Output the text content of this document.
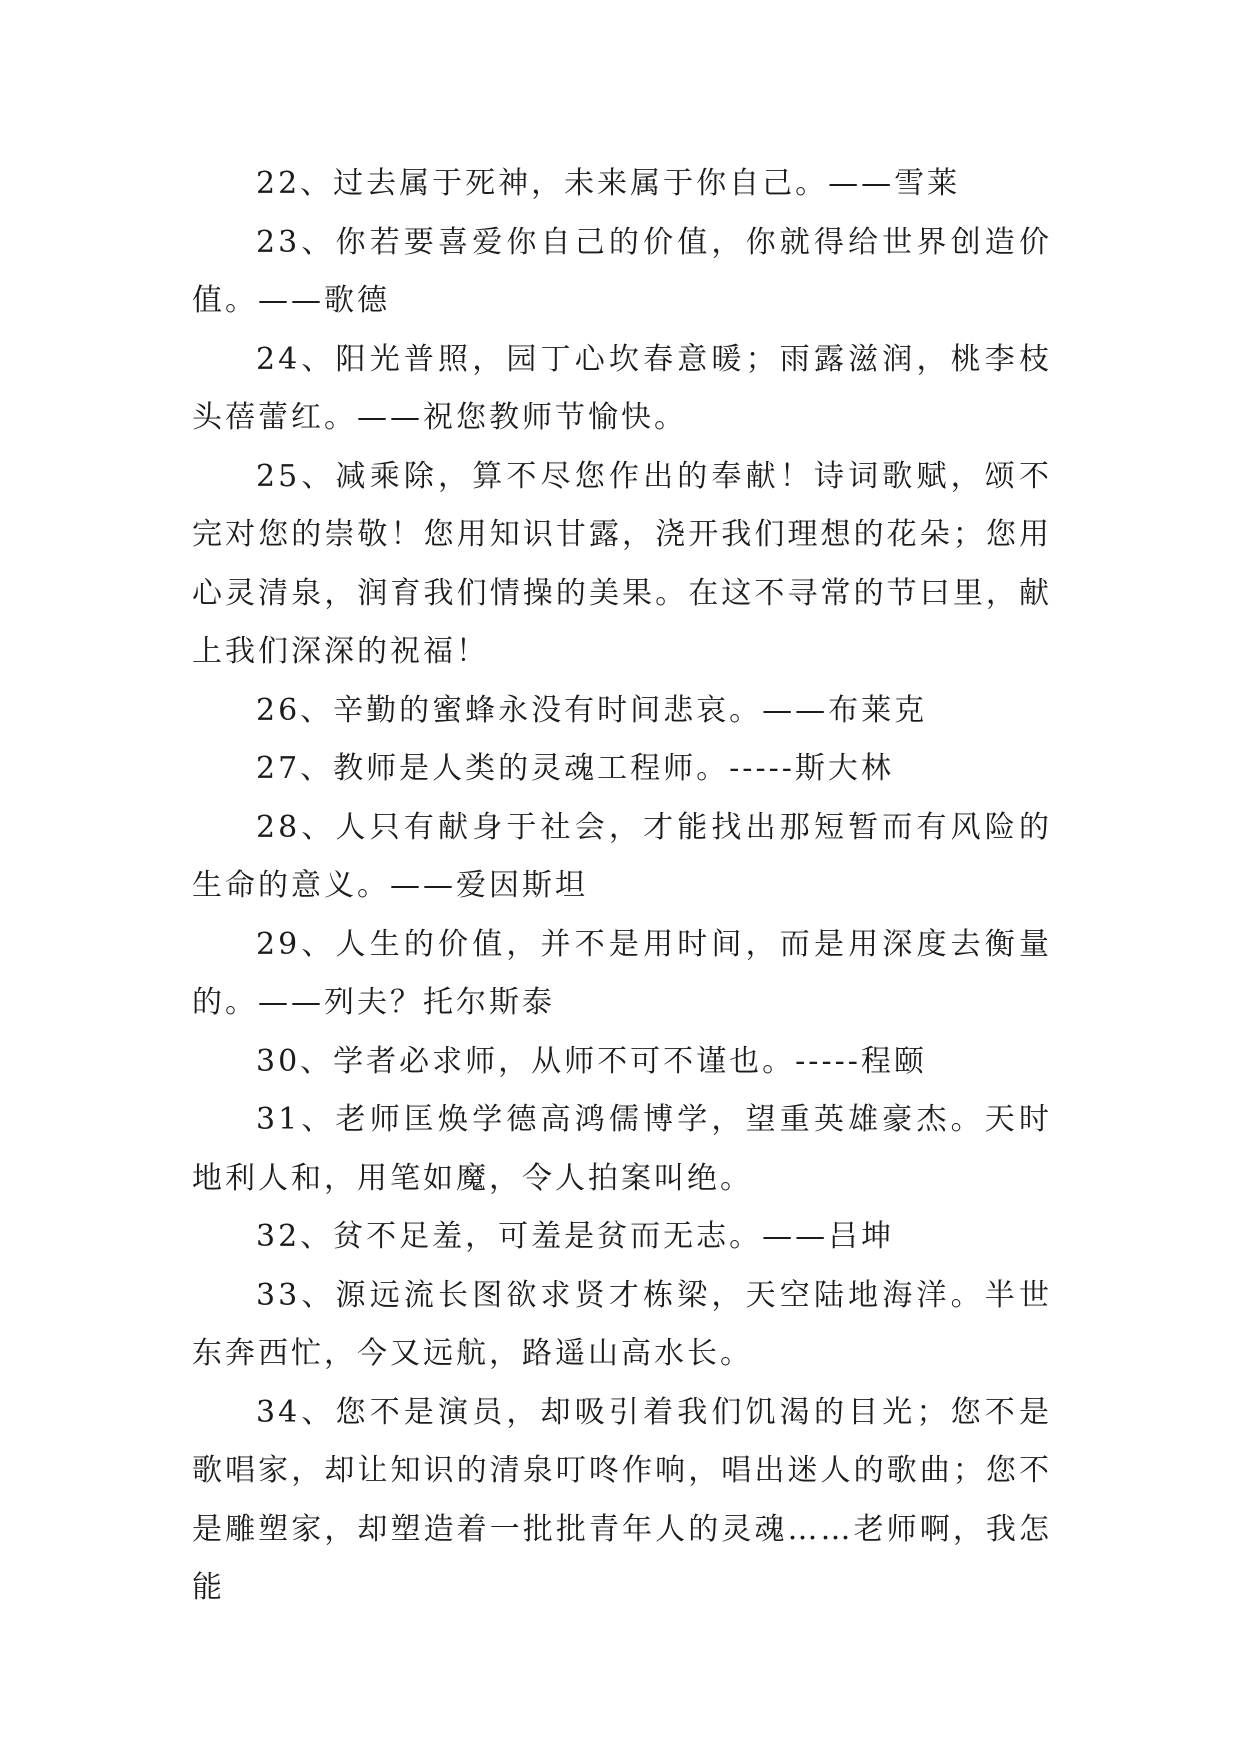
22、过去属于死神，未来属于你自己。——雪莱

23、你若要喜爱你自己的价值，你就得给世界创造价值。——歌德

24、阳光普照，园丁心坎春意暖；雨露滋润，桃李枝头蓓蕾红。——祝您教师节愉快。

25、减乘除，算不尽您作出的奉献！诗词歌赋，颂不完对您的崇敬！您用知识甘露，浇开我们理想的花朵；您用心灵清泉，润育我们情操的美果。在这不寻常的节曰里，献上我们深深的祝福！

26、辛勤的蜜蜂永没有时间悲哀。——布莱克

27、教师是人类的灵魂工程师。-----斯大林

28、人只有献身于社会，才能找出那短暂而有风险的生命的意义。——爱因斯坦

29、人生的价值，并不是用时间，而是用深度去衡量的。——列夫？托尔斯泰

30、学者必求师，从师不可不谨也。-----程颐

31、老师匡焕学德高鸿儒博学，望重英雄豪杰。天时地利人和，用笔如魔，令人拍案叫绝。

32、贫不足羞，可羞是贫而无志。——吕坤

33、源远流长图欲求贤才栋梁，天空陆地海洋。半世东奔西忙，今又远航，路遥山高水长。

34、您不是演员，却吸引着我们饥渴的目光；您不是歌唱家，却让知识的清泉叮咚作响，唱出迷人的歌曲；您不是雕塑家，却塑造着一批批青年人的灵魂……老师啊，我怎能
